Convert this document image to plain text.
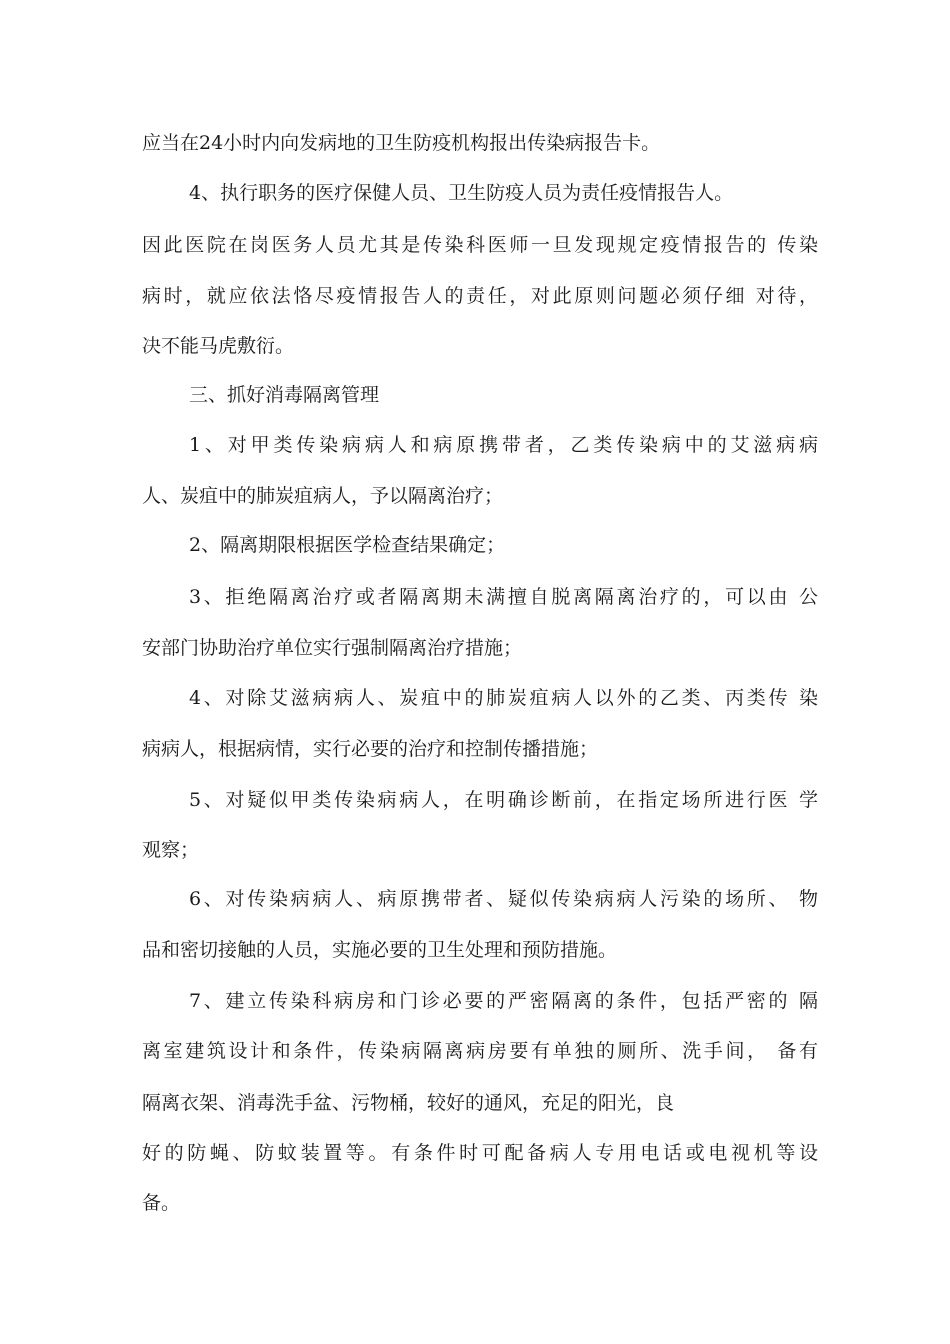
应当在24小时内向发病地的卫生防疫机构报出传染病报告卡。
4、执行职务的医疗保健人员、卫生防疫人员为责任疫情报告人。
因此医院在岗医务人员尤其是传染科医师一旦发现规定疫情报告的 传染
病时，就应依法恪尽疫情报告人的责任，对此原则问题必须仔细 对待，
决不能马虎敷衍。
三、抓好消毒隔离管理
1、对甲类传染病病人和病原携带者，乙类传染病中的艾滋病病
人、炭疽中的肺炭疽病人，予以隔离治疗；
2、隔离期限根据医学检查结果确定；
3、拒绝隔离治疗或者隔离期未满擅自脱离隔离治疗的，可以由 公
安部门协助治疗单位实行强制隔离治疗措施；
4、对除艾滋病病人、炭疽中的肺炭疽病人以外的乙类、丙类传 染
病病人，根据病情，实行必要的治疗和控制传播措施；
5、对疑似甲类传染病病人，在明确诊断前，在指定场所进行医 学
观察；
6、对传染病病人、病原携带者、疑似传染病病人污染的场所、 物
品和密切接触的人员，实施必要的卫生处理和预防措施。
7、建立传染科病房和门诊必要的严密隔离的条件，包括严密的 隔
离室建筑设计和条件，传染病隔离病房要有单独的厕所、洗手间， 备有
隔离衣架、消毒洗手盆、污物桶，较好的通风，充足的阳光，良
好的防蝇、防蚊装置等。有条件时可配备病人专用电话或电视机等设
备。
